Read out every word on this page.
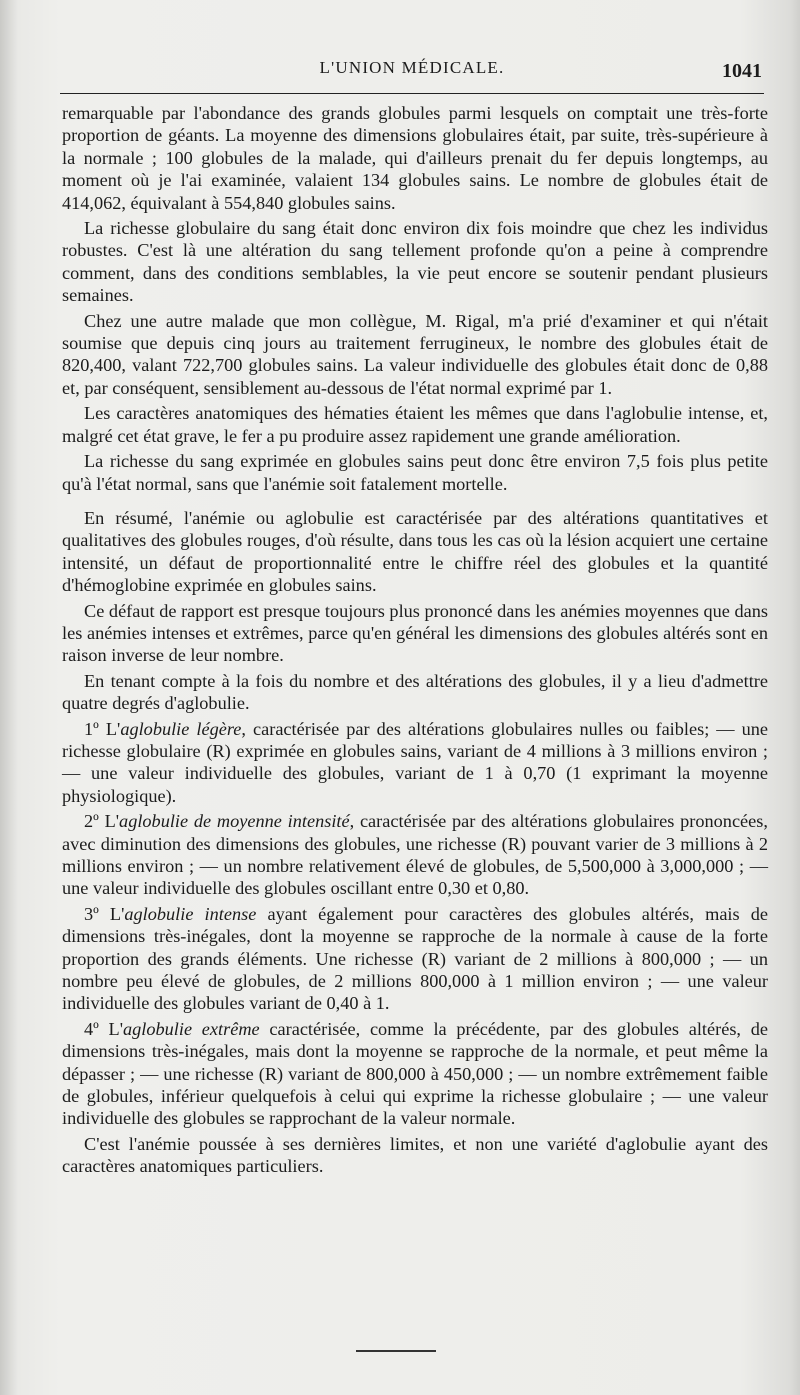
L'UNION MÉDICALE.	1041

remarquable par l'abondance des grands globules parmi lesquels on comptait une très-forte proportion de géants. La moyenne des dimensions globulaires était, par suite, très-supérieure à la normale ; 100 globules de la malade, qui d'ailleurs prenait du fer depuis longtemps, au moment où je l'ai examinée, valaient 134 globules sains. Le nombre de globules était de 414,062, équivalant à 554,840 globules sains.

La richesse globulaire du sang était donc environ dix fois moindre que chez les individus robustes. C'est là une altération du sang tellement profonde qu'on a peine à comprendre comment, dans des conditions semblables, la vie peut encore se soutenir pendant plusieurs semaines.

Chez une autre malade que mon collègue, M. Rigal, m'a prié d'examiner et qui n'était soumise que depuis cinq jours au traitement ferrugineux, le nombre des globules était de 820,400, valant 722,700 globules sains. La valeur individuelle des globules était donc de 0,88 et, par conséquent, sensiblement au-dessous de l'état normal exprimé par 1.

Les caractères anatomiques des hématies étaient les mêmes que dans l'aglobulie intense, et, malgré cet état grave, le fer a pu produire assez rapidement une grande amélioration.

La richesse du sang exprimée en globules sains peut donc être environ 7,5 fois plus petite qu'à l'état normal, sans que l'anémie soit fatalement mortelle.

En résumé, l'anémie ou aglobulie est caractérisée par des altérations quantitatives et qualitatives des globules rouges, d'où résulte, dans tous les cas où la lésion acquiert une certaine intensité, un défaut de proportionnalité entre le chiffre réel des globules et la quantité d'hémoglobine exprimée en globules sains.

Ce défaut de rapport est presque toujours plus prononcé dans les anémies moyennes que dans les anémies intenses et extrêmes, parce qu'en général les dimensions des globules altérés sont en raison inverse de leur nombre.

En tenant compte à la fois du nombre et des altérations des globules, il y a lieu d'admettre quatre degrés d'aglobulie.

1º L'aglobulie légère, caractérisée par des altérations globulaires nulles ou faibles; — une richesse globulaire (R) exprimée en globules sains, variant de 4 millions à 3 millions environ ; — une valeur individuelle des globules, variant de 1 à 0,70 (1 exprimant la moyenne physiologique).

2º L'aglobulie de moyenne intensité, caractérisée par des altérations globulaires prononcées, avec diminution des dimensions des globules, une richesse (R) pouvant varier de 3 millions à 2 millions environ ; — un nombre relativement élevé de globules, de 5,500,000 à 3,000,000 ; — une valeur individuelle des globules oscillant entre 0,30 et 0,80.

3º L'aglobulie intense ayant également pour caractères des globules altérés, mais de dimensions très-inégales, dont la moyenne se rapproche de la normale à cause de la forte proportion des grands éléments. Une richesse (R) variant de 2 millions à 800,000 ; — un nombre peu élevé de globules, de 2 millions 800,000 à 1 million environ ; — une valeur individuelle des globules variant de 0,40 à 1.

4º L'aglobulie extrême caractérisée, comme la précédente, par des globules altérés, de dimensions très-inégales, mais dont la moyenne se rapproche de la normale, et peut même la dépasser ; — une richesse (R) variant de 800,000 à 450,000 ; — un nombre extrêmement faible de globules, inférieur quelquefois à celui qui exprime la richesse globulaire ; — une valeur individuelle des globules se rapprochant de la valeur normale.

C'est l'anémie poussée à ses dernières limites, et non une variété d'aglobulie ayant des caractères anatomiques particuliers.
